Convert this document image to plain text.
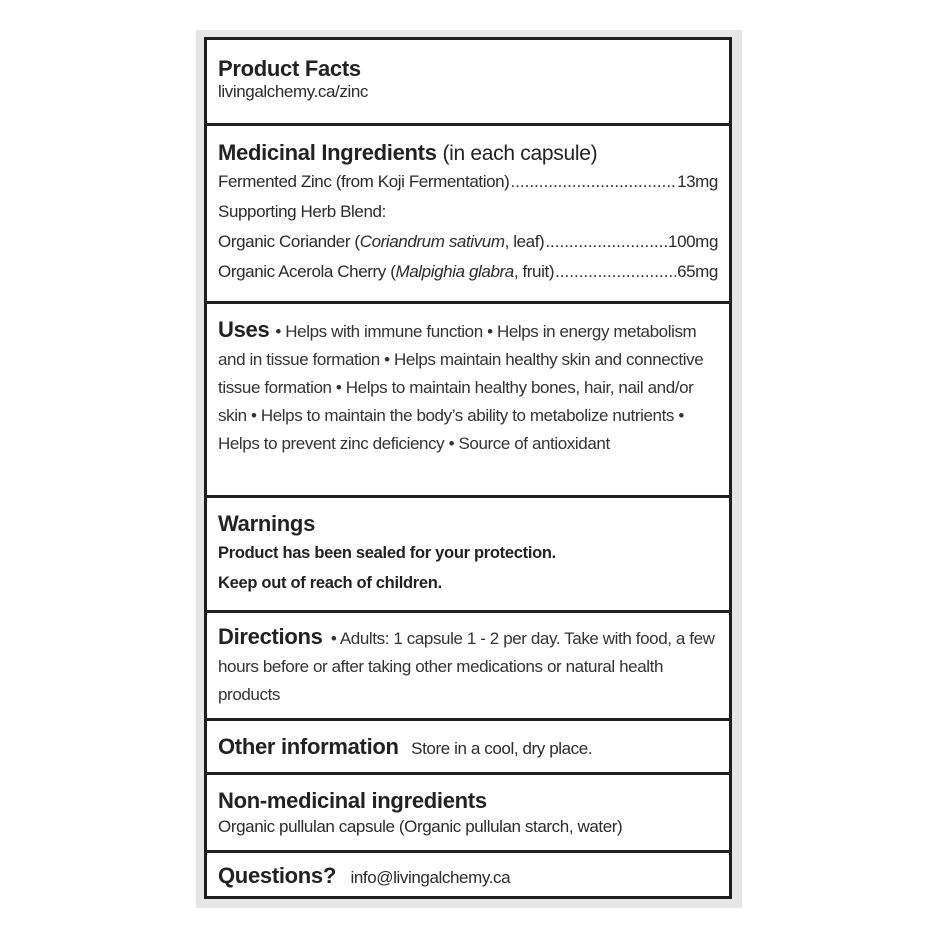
Product Facts
livingalchemy.ca/zinc
Medicinal Ingredients (in each capsule)
Fermented Zinc (from Koji Fermentation) .....	13mg
Supporting Herb Blend:
Organic Coriander (Coriandrum sativum, leaf) .....	100mg
Organic Acerola Cherry (Malpighia glabra, fruit) .....	65mg
Uses • Helps with immune function • Helps in energy metabolism and in tissue formation • Helps maintain healthy skin and connective tissue formation • Helps to maintain healthy bones, hair, nail and/or skin • Helps to maintain the body’s ability to metabolize nutrients • Helps to prevent zinc deficiency • Source of antioxidant
Warnings
Product has been sealed for your protection.
Keep out of reach of children.
Directions • Adults: 1 capsule 1 - 2 per day. Take with food, a few hours before or after taking other medications or natural health products
Other information Store in a cool, dry place.
Non-medicinal ingredients
Organic pullulan capsule (Organic pullulan starch, water)
Questions? info@livingalchemy.ca
